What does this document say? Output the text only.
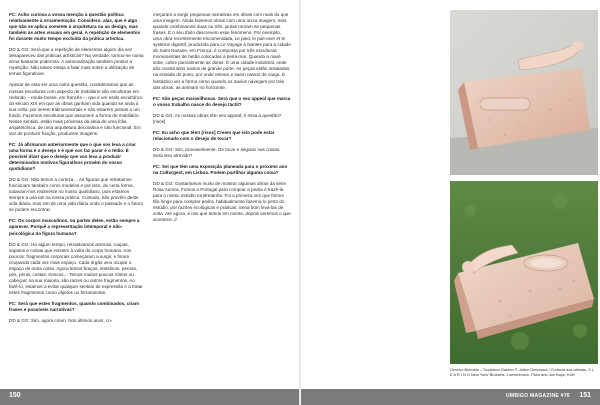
FC: Acho curiosa a vossa menção à questão política relativamente à ornamentação. Considero, alás, que é algo que não se aplica somente à arquitetura ou ao design, mas também às artes visuais em geral. A repetição de elementos foi durante muito tempo excluída da prática artística.

DD & GG: Será que a repetição de elementos algum dia vez desapareceu das práticas artísticas? Na verdade, tornou-se numa arma bastante poderosa. A automatização também produz a repetição. Não talvez esteja a falar mais sobre a utilização de temas figurativos.

Apesar de esta ser uma outra questão, consideramos que as nossas esculturas com aspecto de mobiliário são esculturas em redondo – ronde-bosse, em francês –, que é um estilo escultórico do século XIX em que as obras ganham vida quando se anda à sua volta, por serem tridimensionais e não estarem presas a um fundo. Fazemos esculturas que assumem a forma de mobiliário. Nesse sentido, estão mais próximas da ideia de uma folia arquitetónica, de uma arquitetura decorativa e não funcional. Em vez de produzir função, produzem imagens.

FC: Já afirmaram anteriormente que o que vos leva a criar uma forma é o desejo e é que vos faz parar é o tédio. É possível dizer que o desejo que vos leva a produzir determinados motivos figurativos provém do vosso quotidiano?

DD & GG: Não temos a certeza… As figuras que retratamos funcionam também como modelos e por isso, de certa forma, todavam-nos realmente no nosso quotidiano, pois estamos sempre a usá-las na nossa prática. Contudo, não provêm deste vida diária, mas sim de uma vida diária onde o passado e o futuro se podem encontrar.

FC: Os corpos masculinos, ou partes deles, estão sempre a aparecer. Porquê a representação intemporal e não-psicológica da figura humana?

DD & GG: Há algum tempo, retratávamos animais, roupas, sapatos e coisas que existem à volta do corpo humano. Aos poucos, fragmentos corporais começaram a surgir, e foram ocupando cada vez mais espaço. Cada órgão veio ocupar o espaço de outra coisa. Agora temos braços, intestinos, pernas, pés, pénis, costas, troncos… Temos muitos poucos rostos ou cabeças; na sua maioria, são raizes ou outros fragmentos. Ao fazê-lo, estamos a evitar qualquer sentido de expressão e a tratar estes fragmentos como objetos ou ferramentas.

FC: Será que estes fragmentos, quando combinados, criam frases e possíveis narrativas?

DD & GG: Sim, agora criam. Nos últimos anos, co-

meçaram a surgir pequenas narrativas em obras com mais do que uma imagem. Ainda fazemos obras com uma única imagem, mas quando combinamos duas ou três, juntas tornam-se pequenas frases. É o seu título descrevem esse fenómeno. Por exemplo, uma obra recentemente encomendada, Le pied, le puit-over et le système digestif, produzida para Le Voyage à Nantes para a cidade de Saint Nazaire, em França, é composta por três esculturas monumentais de betão colocadas à beira-mar. Quando a maré sobe, cobre parcialmente as obras. É uma cidade industrial, onde são construídos navios de grande porte. As peças estão instaladas na entrada do porto, por onde entram e saem navios de carga. É fantástico ver a forma como quando os navios navegam por trás das obras, as animam no horizonte.

FC: São peças maravilhosas. Será que o sex appeal que marca o vosso trabalho nasce do desejo táctil?

DD & GG: As nossas obras têm sex appeal, é essa a questão? [risos]

FC: Eu acho que têm! [risos] Creem que isto pode estar relacionado com o desejo de tocar?

DD & GG: Sim, provavelmente. De tocar e segurar nas coisas. Será isso atrevido?

FC: Sei que têm uma exposição planeada para o próximo ano na Culturgest, em Lisboa. Podem partilhar alguma coisa?

DD & GG: Gostaríamos muito de mostrar algumas obras da série Rosa Aurora. Fomos a Portugal para comprar a pedra e trazê-la para o nosso estúdio na Bretanha. Foi a primeira vez que fomos tão longe para comprar pedra, habitualmente fazemo-lo perto do estúdio, por razões ecológicas e práticas. Seria bom levá-las de volta. Até agora, é isto que temos em mente, depois veremos o que acontece. //

150
Genevc Bramble – Sculpture Garden © Julien Greenand / Cortesia dos artistas, C L E A R I N G New York/ Brussels, Loevenbruck, Paris and Jan Kaps, Köln
UMBIGO MAGAZINE #76 151
